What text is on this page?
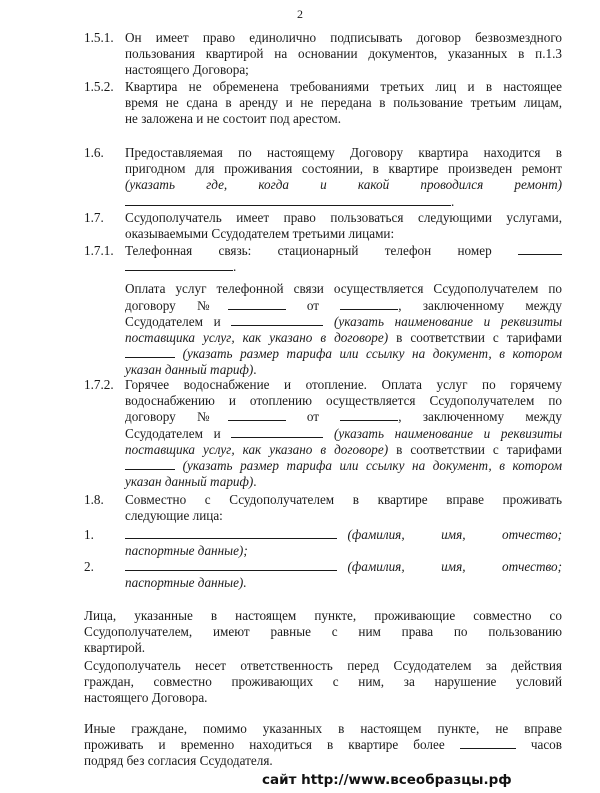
2
1.5.1. Он имеет право единолично подписывать договор безвозмездного
пользования квартирой на основании документов, указанных в п.1.3
настоящего Договора;
1.5.2. Квартира не обременена требованиями третьих лиц и в настоящее
время не сдана в аренду и не передана в пользование третьим лицам,
не заложена и не состоит под арестом.
1.6. Предоставляемая по настоящему Договору квартира находится в
пригодном для проживания состоянии, в квартире произведен ремонт
(указать где, когда и какой проводился ремонт)
.
1.7. Ссудополучатель имеет право пользоваться следующими услугами,
оказываемыми Ссудодателем третьими лицами:
1.7.1. Телефонная связь: стационарный телефон номер
.
Оплата услуг телефонной связи осуществляется Ссудополучателем по
договору №	от	, заключенному между
Ссудодателем и	(указать наименование и реквизиты
поставщика услуг, как указано в договоре) в соответствии с тарифами
(указать размер тарифа или ссылку на документ, в котором
указан данный тариф).
1.7.2. Горячее водоснабжение и отопление. Оплата услуг по горячему
водоснабжению и отоплению осуществляется Ссудополучателем по
договору №	от	, заключенному между
Ссудодателем и	(указать наименование и реквизиты
поставщика услуг, как указано в договоре) в соответствии с тарифами
(указать размер тарифа или ссылку на документ, в котором
указан данный тариф).
1.8. Совместно с Ссудополучателем в квартире вправе проживать
следующие лица:
1.	(фамилия, имя, отчество;
паспортные данные);
2.	(фамилия, имя, отчество;
паспортные данные).
Лица, указанные в настоящем пункте, проживающие совместно со
Ссудополучателем, имеют равные с ним права по пользованию
квартирой.
Ссудополучатель несет ответственность перед Ссудодателем за действия
граждан, совместно проживающих с ним, за нарушение условий
настоящего Договора.
Иные граждане, помимо указанных в настоящем пункте, не вправе
проживать и временно находиться в квартире более	часов
подряд без согласия Ссудодателя.
сайт http://www.всеобразцы.рф
